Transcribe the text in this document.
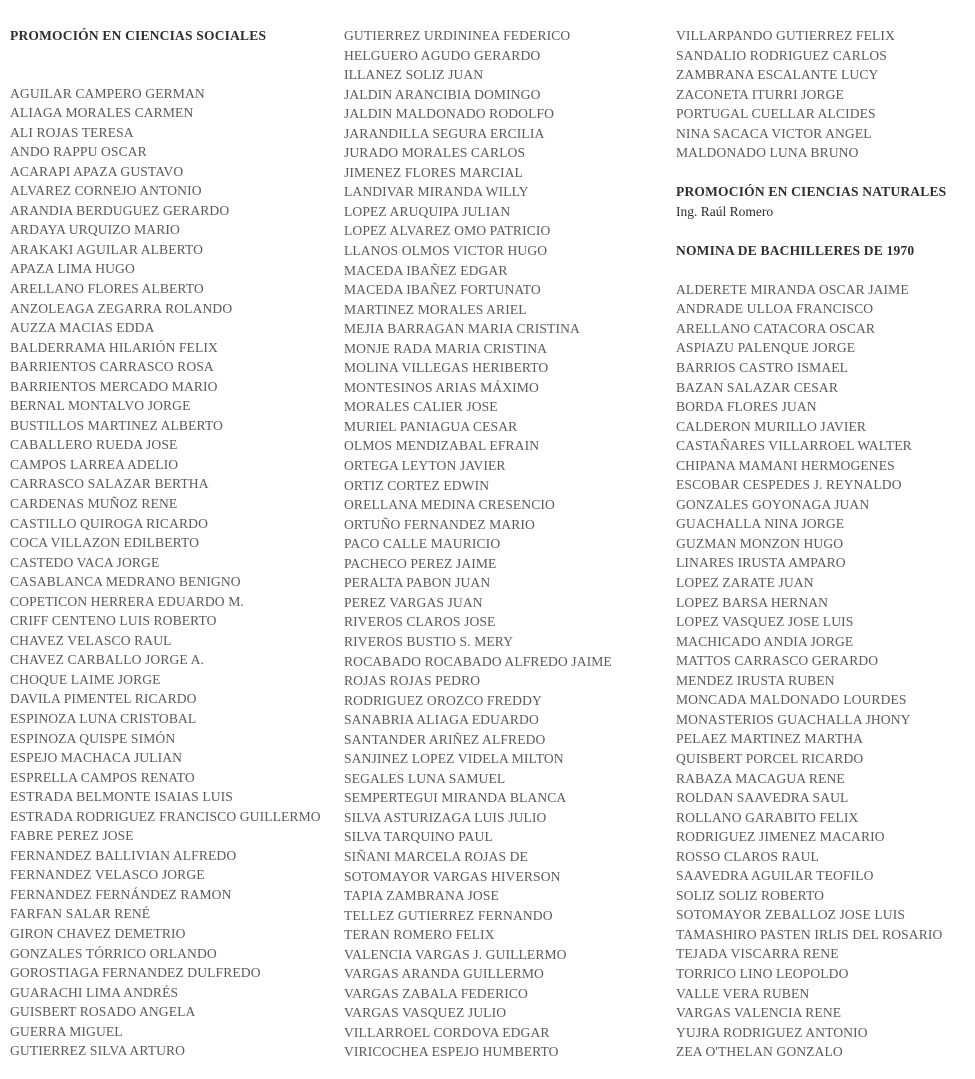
PROMOCIÓN EN CIENCIAS SOCIALES
AGUILAR CAMPERO GERMAN
ALIAGA MORALES CARMEN
ALI ROJAS TERESA
ANDO RAPPU OSCAR
ACARAPI APAZA GUSTAVO
ALVAREZ CORNEJO ANTONIO
ARANDIA BERDUGUEZ GERARDO
ARDAYA URQUIZO MARIO
ARAKAKI AGUILAR ALBERTO
APAZA LIMA HUGO
ARELLANO FLORES ALBERTO
ANZOLEAGA ZEGARRA ROLANDO
AUZZA MACIAS EDDA
BALDERRAMA HILARIÓN FELIX
BARRIENTOS CARRASCO ROSA
BARRIENTOS MERCADO MARIO
BERNAL MONTALVO JORGE
BUSTILLOS MARTINEZ ALBERTO
CABALLERO RUEDA JOSE
CAMPOS LARREA ADELIO
CARRASCO SALAZAR BERTHA
CARDENAS MUÑOZ RENE
CASTILLO QUIROGA RICARDO
COCA VILLAZON EDILBERTO
CASTEDO VACA JORGE
CASABLANCA MEDRANO BENIGNO
COPETICON HERRERA EDUARDO M.
CRIFF CENTENO LUIS ROBERTO
CHAVEZ VELASCO RAUL
CHAVEZ CARBALLO JORGE A.
CHOQUE LAIME JORGE
DAVILA PIMENTEL RICARDO
ESPINOZA LUNA CRISTOBAL
ESPINOZA QUISPE SIMÓN
ESPEJO MACHACA JULIAN
ESPRELLA CAMPOS RENATO
ESTRADA BELMONTE ISAIAS LUIS
ESTRADA RODRIGUEZ FRANCISCO GUILLERMO
FABRE PEREZ JOSE
FERNANDEZ BALLIVIAN ALFREDO
FERNANDEZ VELASCO JORGE
FERNANDEZ FERNÁNDEZ RAMON
FARFAN SALAR RENÉ
GIRON CHAVEZ DEMETRIO
GONZALES TÓRRICO ORLANDO
GOROSTIAGA FERNANDEZ DULFREDO
GUARACHI LIMA ANDRÉS
GUISBERT ROSADO ANGELA
GUERRA MIGUEL
GUTIERREZ SILVA ARTURO
GUTIERREZ URDININEA FEDERICO
HELGUERO AGUDO GERARDO
ILLANEZ SOLIZ JUAN
JALDIN ARANCIBIA DOMINGO
JALDIN MALDONADO RODOLFO
JARANDILLA SEGURA ERCILIA
JURADO MORALES CARLOS
JIMENEZ FLORES MARCIAL
LANDIVAR MIRANDA WILLY
LOPEZ ARUQUIPA JULIAN
LOPEZ ALVAREZ OMO PATRICIO
LLANOS OLMOS VICTOR HUGO
MACEDA IBAÑEZ EDGAR
MACEDA IBAÑEZ FORTUNATO
MARTINEZ MORALES ARIEL
MEJIA BARRAGAN MARIA CRISTINA
MONJE RADA MARIA CRISTINA
MOLINA VILLEGAS HERIBERTO
MONTESINOS ARIAS MÁXIMO
MORALES CALIER JOSE
MURIEL PANIAGUA CESAR
OLMOS MENDIZABAL EFRAIN
ORTEGA LEYTON JAVIER
ORTIZ CORTEZ EDWIN
ORELLANA MEDINA CRESENCIO
ORTUÑO FERNANDEZ MARIO
PACO CALLE MAURICIO
PACHECO PEREZ JAIME
PERALTA PABON JUAN
PEREZ VARGAS JUAN
RIVEROS CLAROS JOSE
RIVEROS BUSTIO S. MERY
ROCABADO ROCABADO ALFREDO JAIME
ROJAS ROJAS PEDRO
RODRIGUEZ OROZCO FREDDY
SANABRIA ALIAGA EDUARDO
SANTANDER ARIÑEZ ALFREDO
SANJINEZ LOPEZ VIDELA MILTON
SEGALES LUNA SAMUEL
SEMPERTEGUI MIRANDA BLANCA
SILVA ASTURIZAGA LUIS JULIO
SILVA TARQUINO PAUL
SIÑANI MARCELA ROJAS DE
SOTOMAYOR VARGAS HIVERSON
TAPIA ZAMBRANA JOSE
TELLEZ GUTIERREZ FERNANDO
TERAN ROMERO FELIX
VALENCIA VARGAS J. GUILLERMO
VARGAS ARANDA GUILLERMO
VARGAS ZABALA FEDERICO
VARGAS VASQUEZ JULIO
VILLARROEL CORDOVA EDGAR
VIRICOCHEA ESPEJO HUMBERTO
VILLARPANDO GUTIERREZ FELIX
SANDALIO RODRIGUEZ CARLOS
ZAMBRANA ESCALANTE LUCY
ZACONETA ITURRI JORGE
PORTUGAL CUELLAR ALCIDES
NINA SACACA VICTOR ANGEL
MALDONADO LUNA BRUNO
PROMOCIÓN EN CIENCIAS NATURALES
Ing. Raúl Romero
NOMINA DE BACHILLERES DE 1970
ALDERETE MIRANDA OSCAR JAIME
ANDRADE ULLOA FRANCISCO
ARELLANO CATACORA OSCAR
ASPIAZU PALENQUE JORGE
BARRIOS CASTRO ISMAEL
BAZAN SALAZAR CESAR
BORDA FLORES JUAN
CALDERON MURILLO JAVIER
CASTAÑARES VILLARROEL WALTER
CHIPANA MAMANI HERMOGENES
ESCOBAR CESPEDES J. REYNALDO
GONZALES GOYONAGA JUAN
GUACHALLA NINA JORGE
GUZMAN MONZON HUGO
LINARES IRUSTA AMPARO
LOPEZ ZARATE JUAN
LOPEZ BARSA HERNAN
LOPEZ VASQUEZ JOSE LUIS
MACHICADO ANDIA JORGE
MATTOS CARRASCO GERARDO
MENDEZ IRUSTA RUBEN
MONCADA MALDONADO LOURDES
MONASTERIOS GUACHALLA JHONY
PELAEZ MARTINEZ MARTHA
QUISBERT PORCEL RICARDO
RABAZA MACAGUA RENE
ROLDAN SAAVEDRA SAUL
ROLLANO GARABITO FELIX
RODRIGUEZ JIMENEZ MACARIO
ROSSO CLAROS RAUL
SAAVEDRA AGUILAR TEOFILO
SOLIZ SOLIZ ROBERTO
SOTOMAYOR ZEBALLOZ JOSE LUIS
TAMASHIRO PASTEN IRLIS DEL ROSARIO
TEJADA VISCARRA RENE
TORRICO LINO LEOPOLDO
VALLE VERA RUBEN
VARGAS VALENCIA RENE
YUJRA RODRIGUEZ ANTONIO
ZEA O'THELAN GONZALO
